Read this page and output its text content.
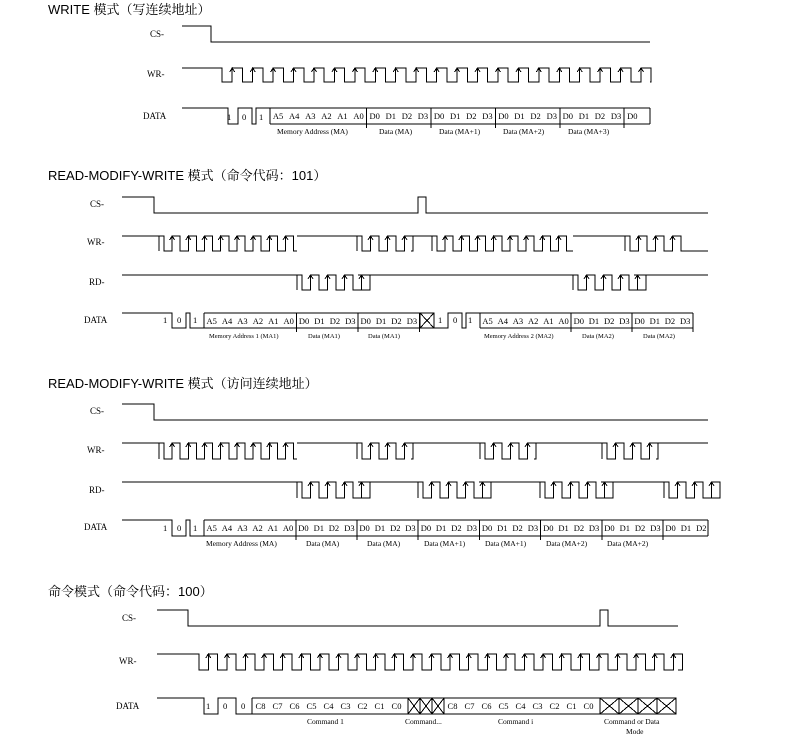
WRITE 模式（写连续地址）
CS-
WR-
DATA	1 0 1 A5 A4 A3 A2 A1 A0 D0 D1 D2 D3 D0 D1 D2 D3 D0 D1 D2 D3 D0 D1 D2 D3 D0
Memory Address (MA)	Data (MA)	Data (MA+1)	Data (MA+2)	Data (MA+3)
READ-MODIFY-WRITE 模式（命令代码：101）
CS-
WR-
RD-
DATA	1 0 1 A5 A4 A3 A2 A1 A0 D0 D1 D2 D3 D0 D1 D2 D3 1 0 1 A5 A4 A3 A2 A1 A0 D0 D1 D2 D3 D0 D1 D2 D3
Memory Address 1 (MA1)	Data (MA1)	Data (MA1)	Memory Address 2 (MA2)	Data (MA2)	Data (MA2)
READ-MODIFY-WRITE 模式（访问连续地址）
CS-
WR-
RD-
DATA	1 0 1 A5 A4 A3 A2 A1 A0 D0 D1 D2 D3 D0 D1 D2 D3 D0 D1 D2 D3 D0 D1 D2 D3 D0 D1 D2 D3 D0 D1 D2 D3 D0 D1 D2
Memory Address (MA)	Data (MA)	Data (MA)	Data (MA+1)	Data (MA+1)	Data (MA+2)	Data (MA+2)
命令模式（命令代码：100）
CS-
WR-
DATA	1 0 0 C8 C7 C6 C5 C4 C3 C2 C1 C0	C8 C7 C6 C5 C4 C3 C2 C1 C0
Command 1	Command...	Command i	Command or Data
Mode
